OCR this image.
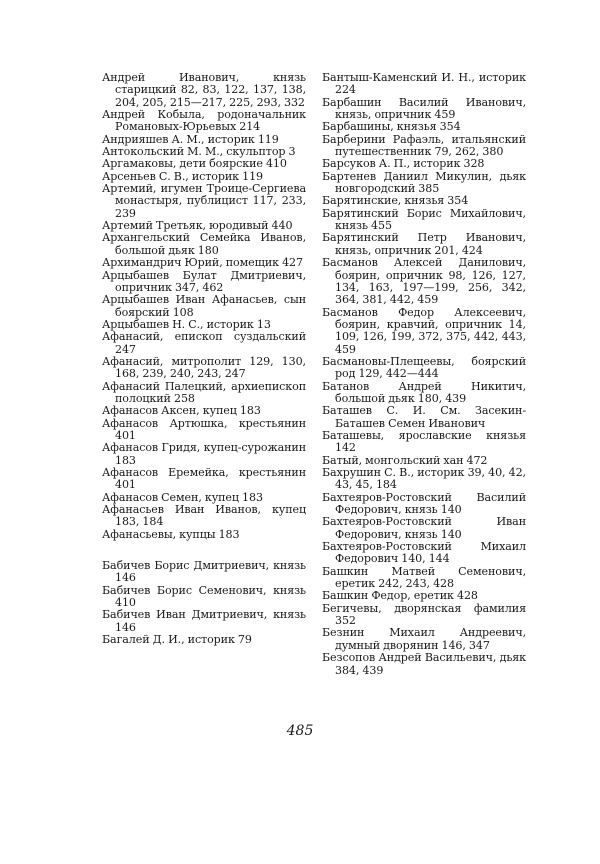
Андрей Иванович, князь старицкий 82, 83, 122, 137, 138, 204, 205, 215—217, 225, 293, 332
Андрей Кобыла, родоначальник Романовых-Юрьевых 214
Андрияшев А. М., историк 119
Антокольский М. М., скульптор 3
Аргамаковы, дети боярские 410
Арсеньев С. В., историк 119
Артемий, игумен Троице-Сергиева монастыря, публицист 117, 233, 239
Артемий Третьяк, юродивый 440
Архангельский Семейка Иванов, большой дьяк 180
Архимандрич Юрий, помещик 427
Арцыбашев Булат Дмитриевич, опричник 347, 462
Арцыбашев Иван Афанасьев, сын боярский 108
Арцыбашев Н. С., историк 13
Афанасий, епископ суздальский 247
Афанасий, митрополит 129, 130, 168, 239, 240, 243, 247
Афанасий Палецкий, архиепископ полоцкий 258
Афанасов Аксен, купец 183
Афанасов Артюшка, крестьянин 401
Афанасов Гридя, купец-сурожанин 183
Афанасов Еремейка, крестьянин 401
Афанасов Семен, купец 183
Афанасьев Иван Иванов, купец 183, 184
Афанасьевы, купцы 183
Бабичев Борис Дмитриевич, князь 146
Бабичев Борис Семенович, князь 410
Бабичев Иван Дмитриевич, князь 146
Багалей Д. И., историк 79
Бантыш-Каменский И. Н., историк 224
Барбашин Василий Иванович, князь, опричник 459
Барбашины, князья 354
Барберини Рафаэль, итальянский путешественник 79, 262, 380
Барсуков А. П., историк 328
Бартенев Даниил Микулин, дьяк новгородский 385
Барятинские, князья 354
Барятинский Борис Михайлович, князь 455
Барятинский Петр Иванович, князь, опричник 201, 424
Басманов Алексей Данилович, боярин, опричник 98, 126, 127, 134, 163, 197—199, 256, 342, 364, 381, 442, 459
Басманов Федор Алексеевич, боярин, кравчий, опричник 14, 109, 126, 199, 372, 375, 442, 443, 459
Басмановы-Плещеевы, боярский род 129, 442—444
Батанов Андрей Никитич, большой дьяк 180, 439
Баташев С. И. См. Засекин-Баташев Семен Иванович
Баташевы, ярославские князья 142
Батый, монгольский хан 472
Бахрушин С. В., историк 39, 40, 42, 43, 45, 184
Бахтеяров-Ростовский Василий Федорович, князь 140
Бахтеяров-Ростовский Иван Федорович, князь 140
Бахтеяров-Ростовский Михаил Федорович 140, 144
Башкин Матвей Семенович, еретик 242, 243, 428
Башкин Федор, еретик 428
Бегичевы, дворянская фамилия 352
Безнин Михаил Андреевич, думный дворянин 146, 347
Безсопов Андрей Васильевич, дьяк 384, 439
485
